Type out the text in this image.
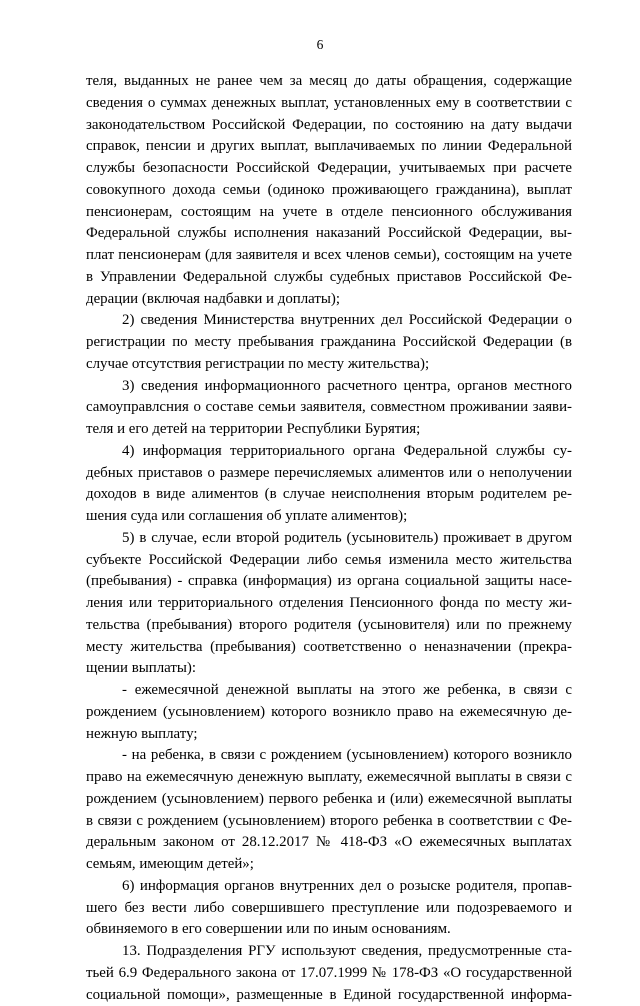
6
теля, выданных не ранее чем за месяц до даты обращения, содержащие
сведения о суммах денежных выплат, установленных ему в соответствии с
законодательством Российской Федерации, по состоянию на дату выдачи
справок, пенсии и других выплат, выплачиваемых по линии Федеральной
службы безопасности Российской Федерации, учитываемых при расчете
совокупного дохода семьи (одиноко проживающего гражданина), выплат
пенсионерам, состоящим на учете в отделе пенсионного обслуживания
Федеральной службы исполнения наказаний Российской Федерации, вы-
плат пенсионерам (для заявителя и всех членов семьи), состоящим на учете
в Управлении Федеральной службы судебных приставов Российской Фе-
дерации (включая надбавки и доплаты);
2) сведения Министерства внутренних дел Российской Федерации о
регистрации по месту пребывания гражданина Российской Федерации (в
случае отсутствия регистрации по месту жительства);
3) сведения информационного расчетного центра, органов местного
самоуправлсния о составе семьи заявителя, совместном проживании заяви-
теля и его детей на территории Республики Бурятия;
4) информация территориального органа Федеральной службы су-
дебных приставов о размере перечисляемых алиментов или о неполучении
доходов в виде алиментов (в случае неисполнения вторым родителем ре-
шения суда или соглашения об уплате алиментов);
5) в случае, если второй родитель (усыновитель) проживает в другом
субъекте Российской Федерации либо семья изменила место жительства
(пребывания) - справка (информация) из органа социальной защиты насе-
ления или территориального отделения Пенсионного фонда по месту жи-
тельства (пребывания) второго родителя (усыновителя) или по прежнему
месту жительства (пребывания) соответственно о неназначении (прекра-
щении выплаты):
- ежемесячной денежной выплаты на этого же ребенка, в связи с
рождением (усыновлением) которого возникло право на ежемесячную де-
нежную выплату;
- на ребенка, в связи с рождением (усыновлением) которого возникло
право на ежемесячную денежную выплату, ежемесячной выплаты в связи с
рождением (усыновлением) первого ребенка и (или) ежемесячной выплаты
в связи с рождением (усыновлением) второго ребенка в соответствии с Фе-
деральным законом от 28.12.2017 № 418-ФЗ «О ежемесячных выплатах
семьям, имеющим детей»;
6) информация органов внутренних дел о розыске родителя, пропав-
шего без вести либо совершившего преступление или подозреваемого и
обвиняемого в его совершении или по иным основаниям.
13. Подразделения РГУ используют сведения, предусмотренные ста-
тьей 6.9 Федерального закона от 17.07.1999 № 178-ФЗ «О государственной
социальной помощи», размещенные в Единой государственной информа-
